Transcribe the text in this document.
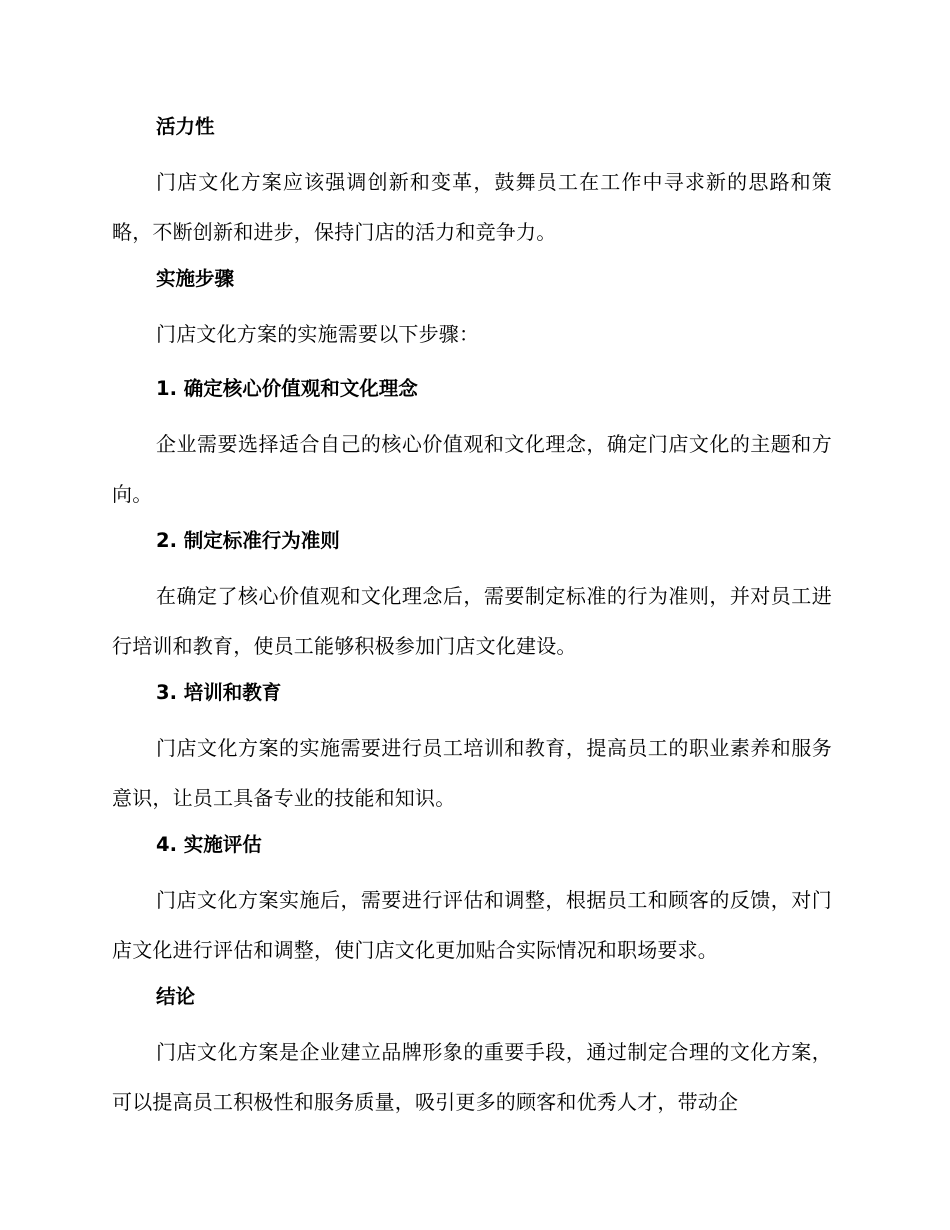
活力性
门店文化方案应该强调创新和变革，鼓舞员工在工作中寻求新的思路和策略，不断创新和进步，保持门店的活力和竞争力。
实施步骤
门店文化方案的实施需要以下步骤：
1. 确定核心价值观和文化理念
企业需要选择适合自己的核心价值观和文化理念，确定门店文化的主题和方向。
2. 制定标准行为准则
在确定了核心价值观和文化理念后，需要制定标准的行为准则，并对员工进行培训和教育，使员工能够积极参加门店文化建设。
3. 培训和教育
门店文化方案的实施需要进行员工培训和教育，提高员工的职业素养和服务意识，让员工具备专业的技能和知识。
4. 实施评估
门店文化方案实施后，需要进行评估和调整，根据员工和顾客的反馈，对门店文化进行评估和调整，使门店文化更加贴合实际情况和职场要求。
结论
门店文化方案是企业建立品牌形象的重要手段，通过制定合理的文化方案，可以提高员工积极性和服务质量，吸引更多的顾客和优秀人才，带动企
